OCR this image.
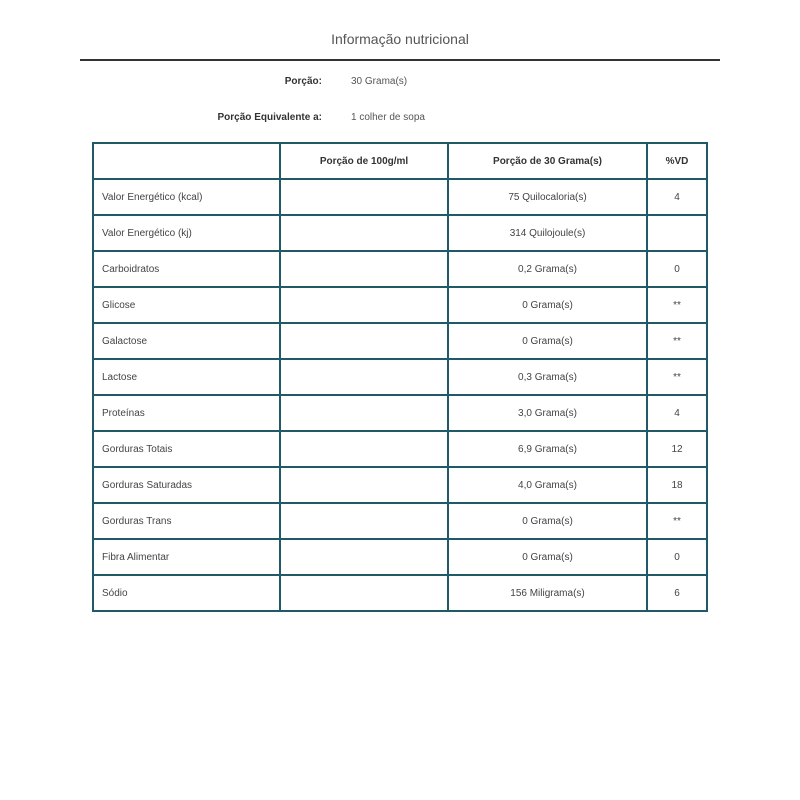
Informação nutricional
Porção:	30 Grama(s)
Porção Equivalente a:	1 colher de sopa
	Porção de 100g/ml	Porção de 30 Grama(s)	%VD
Valor Energético (kcal)		75 Quilocaloria(s)	4
Valor Energético (kj)		314 Quilojoule(s)	
Carboidratos		0,2 Grama(s)	0
Glicose		0 Grama(s)	**
Galactose		0 Grama(s)	**
Lactose		0,3 Grama(s)	**
Proteínas		3,0 Grama(s)	4
Gorduras Totais		6,9 Grama(s)	12
Gorduras Saturadas		4,0 Grama(s)	18
Gorduras Trans		0 Grama(s)	**
Fibra Alimentar		0 Grama(s)	0
Sódio		156 Miligrama(s)	6
